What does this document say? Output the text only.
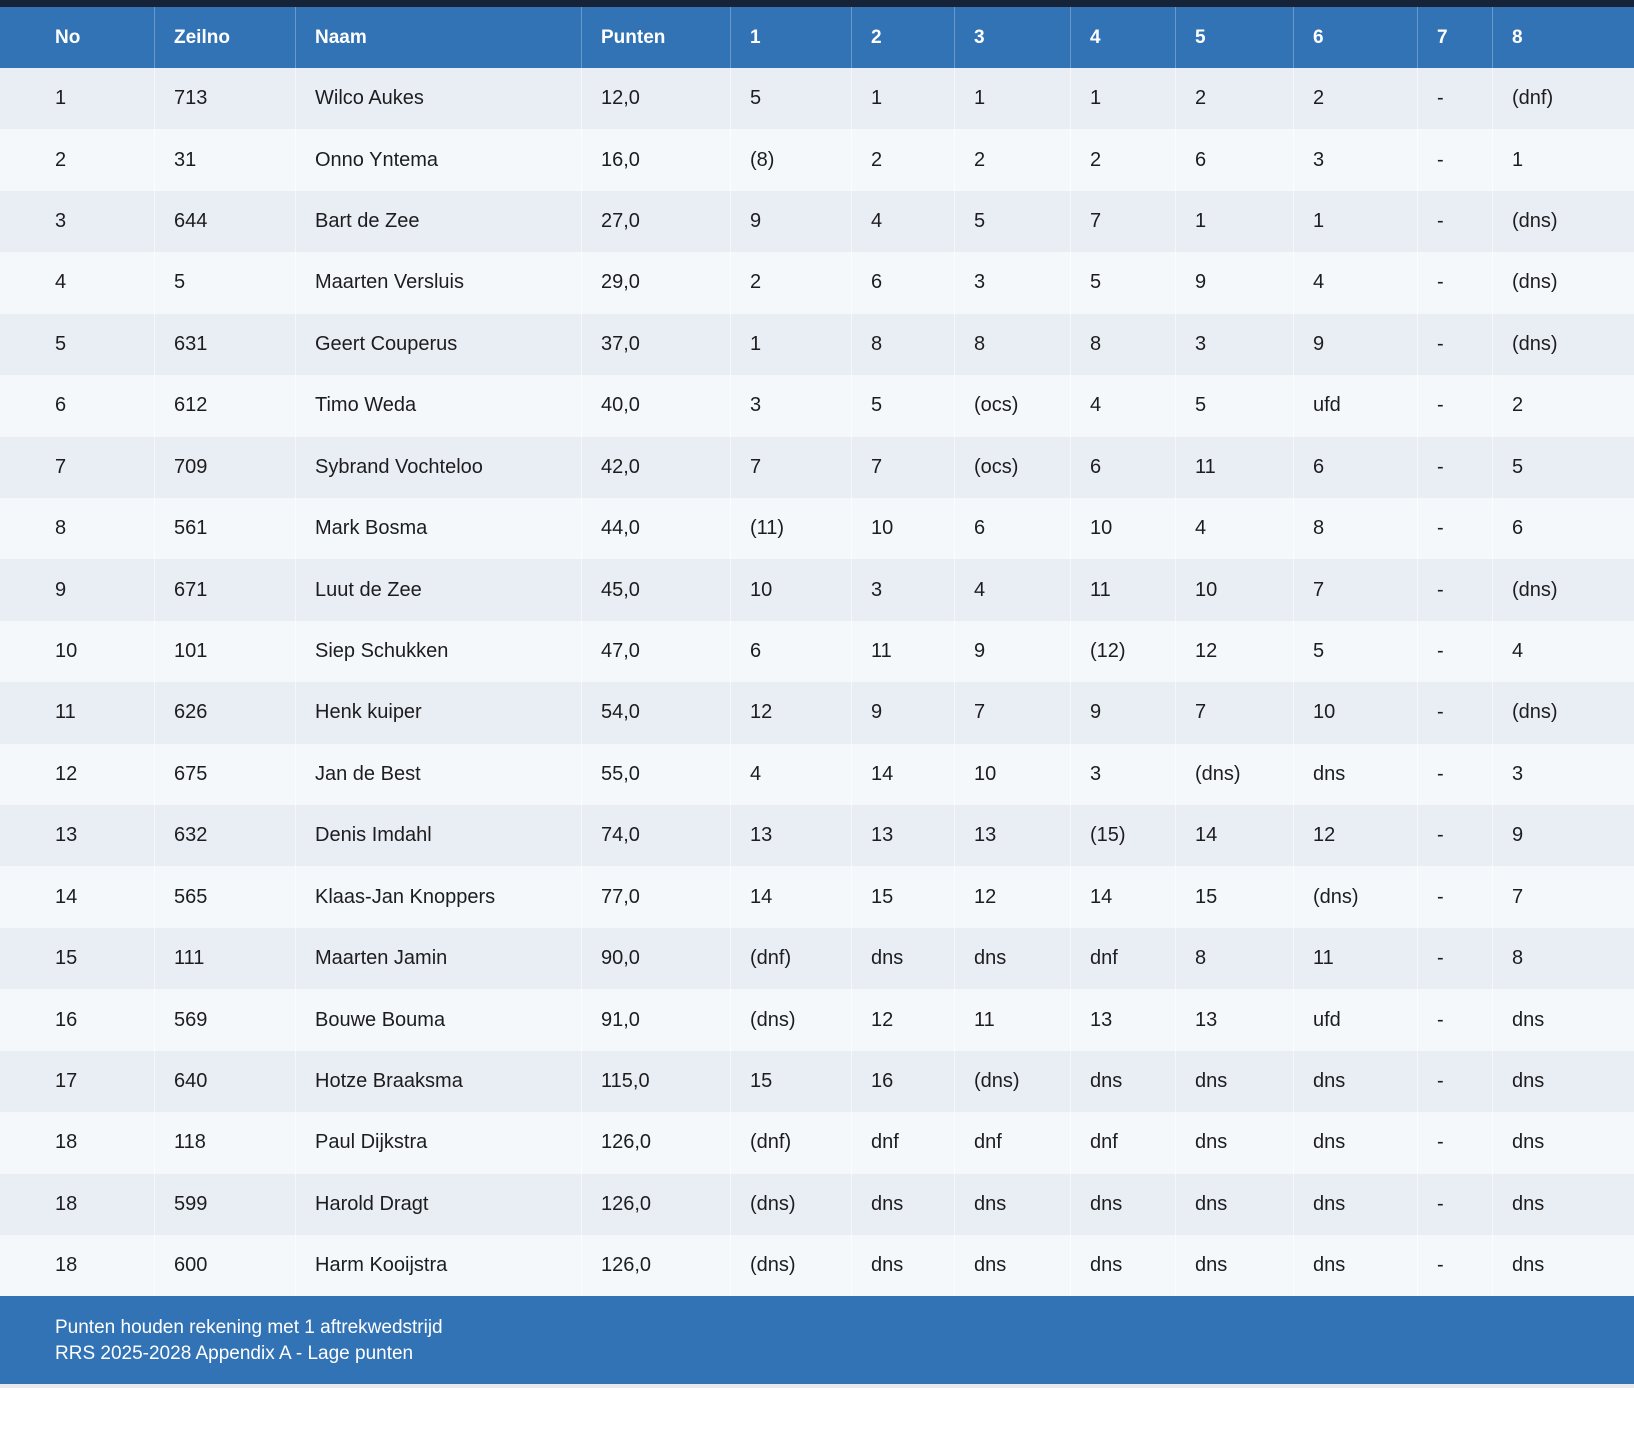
No	Zeilno	Naam	Punten	1	2	3	4	5	6	7	8
1	713	Wilco Aukes	12,0	5	1	1	1	2	2	-	(dnf)
2	31	Onno Yntema	16,0	(8)	2	2	2	6	3	-	1
3	644	Bart de Zee	27,0	9	4	5	7	1	1	-	(dns)
4	5	Maarten Versluis	29,0	2	6	3	5	9	4	-	(dns)
5	631	Geert Couperus	37,0	1	8	8	8	3	9	-	(dns)
6	612	Timo Weda	40,0	3	5	(ocs)	4	5	ufd	-	2
7	709	Sybrand Vochteloo	42,0	7	7	(ocs)	6	11	6	-	5
8	561	Mark Bosma	44,0	(11)	10	6	10	4	8	-	6
9	671	Luut de Zee	45,0	10	3	4	11	10	7	-	(dns)
10	101	Siep Schukken	47,0	6	11	9	(12)	12	5	-	4
11	626	Henk kuiper	54,0	12	9	7	9	7	10	-	(dns)
12	675	Jan de Best	55,0	4	14	10	3	(dns)	dns	-	3
13	632	Denis Imdahl	74,0	13	13	13	(15)	14	12	-	9
14	565	Klaas-Jan Knoppers	77,0	14	15	12	14	15	(dns)	-	7
15	111	Maarten Jamin	90,0	(dnf)	dns	dns	dnf	8	11	-	8
16	569	Bouwe Bouma	91,0	(dns)	12	11	13	13	ufd	-	dns
17	640	Hotze Braaksma	115,0	15	16	(dns)	dns	dns	dns	-	dns
18	118	Paul Dijkstra	126,0	(dnf)	dnf	dnf	dnf	dns	dns	-	dns
18	599	Harold Dragt	126,0	(dns)	dns	dns	dns	dns	dns	-	dns
18	600	Harm Kooijstra	126,0	(dns)	dns	dns	dns	dns	dns	-	dns
Punten houden rekening met 1 aftrekwedstrijd
RRS 2025-2028 Appendix A - Lage punten
